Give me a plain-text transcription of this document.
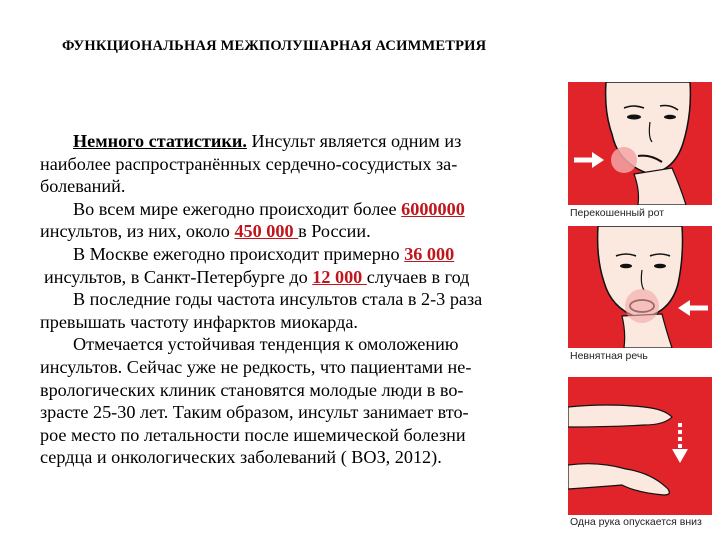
ФУНКЦИОНАЛЬНАЯ МЕЖПОЛУШАРНАЯ АСИММЕТРИЯ
Немного статистики. Инсульт является одним из
наиболее распространённых сердечно-сосудистых за-
болеваний.
Во всем мире ежегодно происходит более 6000000
инсультов, из них, около 450 000 в России.
В Москве ежегодно происходит примерно 36 000
инсультов, в Санкт-Петербурге до 12 000 случаев в год
В последние годы частота инсультов стала в 2-3 раза
превышать частоту инфарктов миокарда.
Отмечается устойчивая тенденция к омоложению
инсультов. Сейчас уже не редкость, что пациентами не-
врологических клиник становятся молодые люди в во-
зрасте 25-30 лет. Таким образом, инсульт занимает вто-
рое место по летальности после ишемической болезни
сердца и онкологических заболеваний ( ВОЗ, 2012).
Перекошенный рот
Невнятная речь
Одна рука опускается вниз
